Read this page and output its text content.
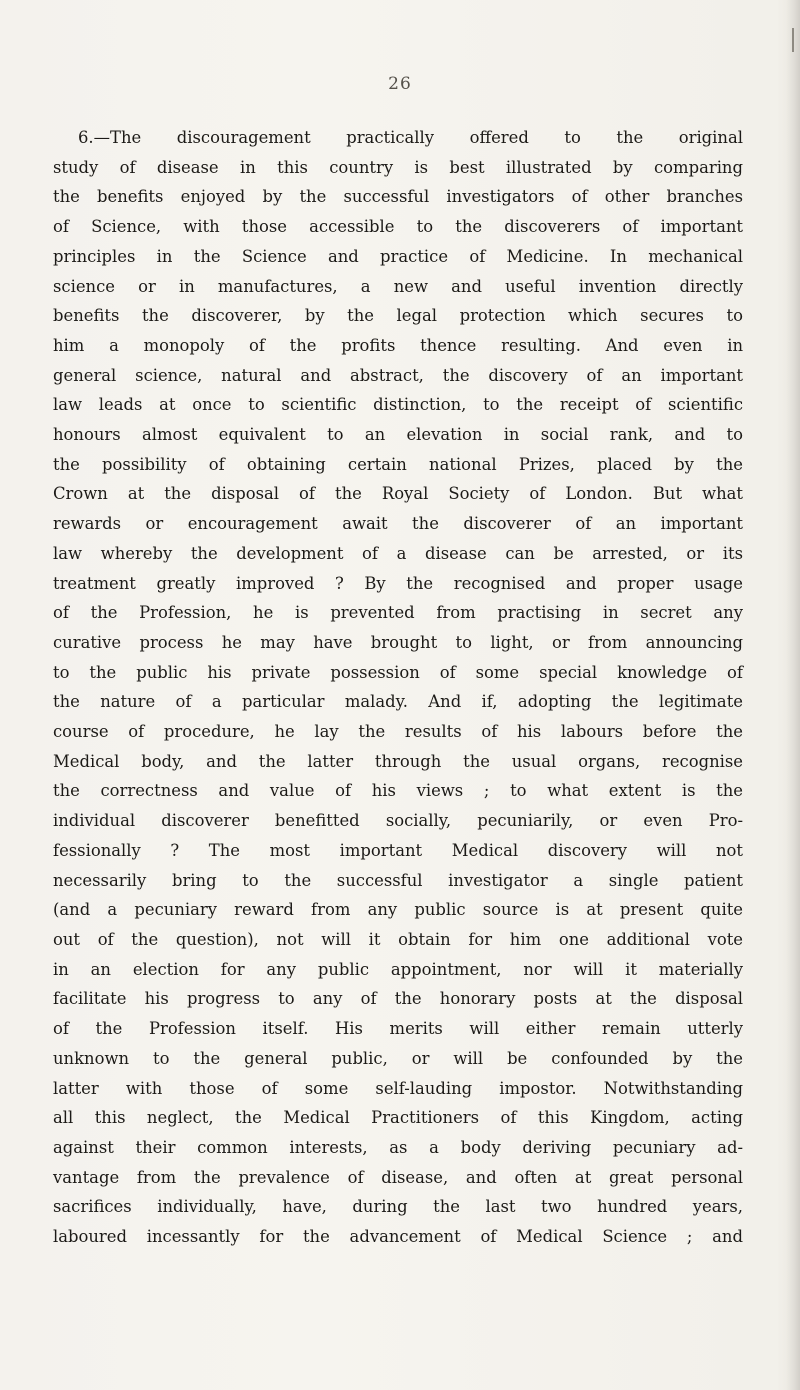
26
6.—The discouragement practically offered to the original
study of disease in this country is best illustrated by comparing
the benefits enjoyed by the successful investigators of other branches
of Science, with those accessible to the discoverers of important
principles in the Science and practice of Medicine. In mechanical
science or in manufactures, a new and useful invention directly
benefits the discoverer, by the legal protection which secures to
him a monopoly of the profits thence resulting. And even in
general science, natural and abstract, the discovery of an important
law leads at once to scientific distinction, to the receipt of scientific
honours almost equivalent to an elevation in social rank, and to
the possibility of obtaining certain national Prizes, placed by the
Crown at the disposal of the Royal Society of London. But what
rewards or encouragement await the discoverer of an important
law whereby the development of a disease can be arrested, or its
treatment greatly improved ? By the recognised and proper usage
of the Profession, he is prevented from practising in secret any
curative process he may have brought to light, or from announcing
to the public his private possession of some special knowledge of
the nature of a particular malady. And if, adopting the legitimate
course of procedure, he lay the results of his labours before the
Medical body, and the latter through the usual organs, recognise
the correctness and value of his views ; to what extent is the
individual discoverer benefitted socially, pecuniarily, or even Pro-
fessionally ? The most important Medical discovery will not
necessarily bring to the successful investigator a single patient
(and a pecuniary reward from any public source is at present quite
out of the question), not will it obtain for him one additional vote
in an election for any public appointment, nor will it materially
facilitate his progress to any of the honorary posts at the disposal
of the Profession itself. His merits will either remain utterly
unknown to the general public, or will be confounded by the
latter with those of some self-lauding impostor. Notwithstanding
all this neglect, the Medical Practitioners of this Kingdom, acting
against their common interests, as a body deriving pecuniary ad-
vantage from the prevalence of disease, and often at great personal
sacrifices individually, have, during the last two hundred years,
laboured incessantly for the advancement of Medical Science ; and
